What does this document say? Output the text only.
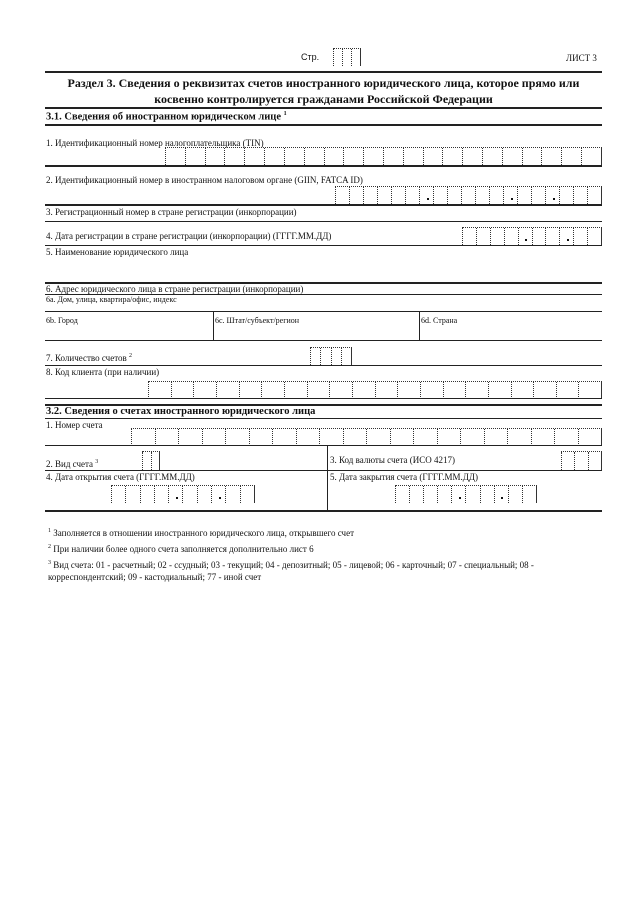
Стр.	ЛИСТ 3
Раздел 3. Сведения о реквизитах счетов иностранного юридического лица, которое прямо или
косвенно контролируется гражданами Российской Федерации
3.1. Сведения об иностранном юридическом лице $^1$
1. Идентификационный номер налогоплательщика (TIN)
2. Идентификационный номер в иностранном налоговом органе (GIIN, FATCA ID)
3. Регистрационный номер в стране регистрации (инкорпорации)
4. Дата регистрации в стране регистрации (инкорпорации) (ГГГГ.ММ.ДД)
5. Наименование юридического лица
6. Адрес юридического лица в стране регистрации (инкорпорации)
6a. Дом, улица, квартира/офис, индекс
6b. Город	6c. Штат/субъект/регион	6d. Страна
7. Количество счетов $^2$
8. Код клиента (при наличии)
3.2. Сведения о счетах иностранного юридического лица
1. Номер счета
2. Вид счета $^3$	3. Код валюты счета (ИСО 4217)
4. Дата открытия счета (ГГГГ.ММ.ДД)	5. Дата закрытия счета (ГГГГ.ММ.ДД)
$^1$ Заполняется в отношении иностранного юридического лица, открывшего счет
$^2$ При наличии более одного счета заполняется дополнительно лист 6
$^3$ Вид счета: 01 - расчетный; 02 - ссудный; 03 - текущий; 04 - депозитный; 05 - лицевой; 06 - карточный; 07 - специальный; 08 -
корреспондентский; 09 - кастодиальный; 77 - иной счет
